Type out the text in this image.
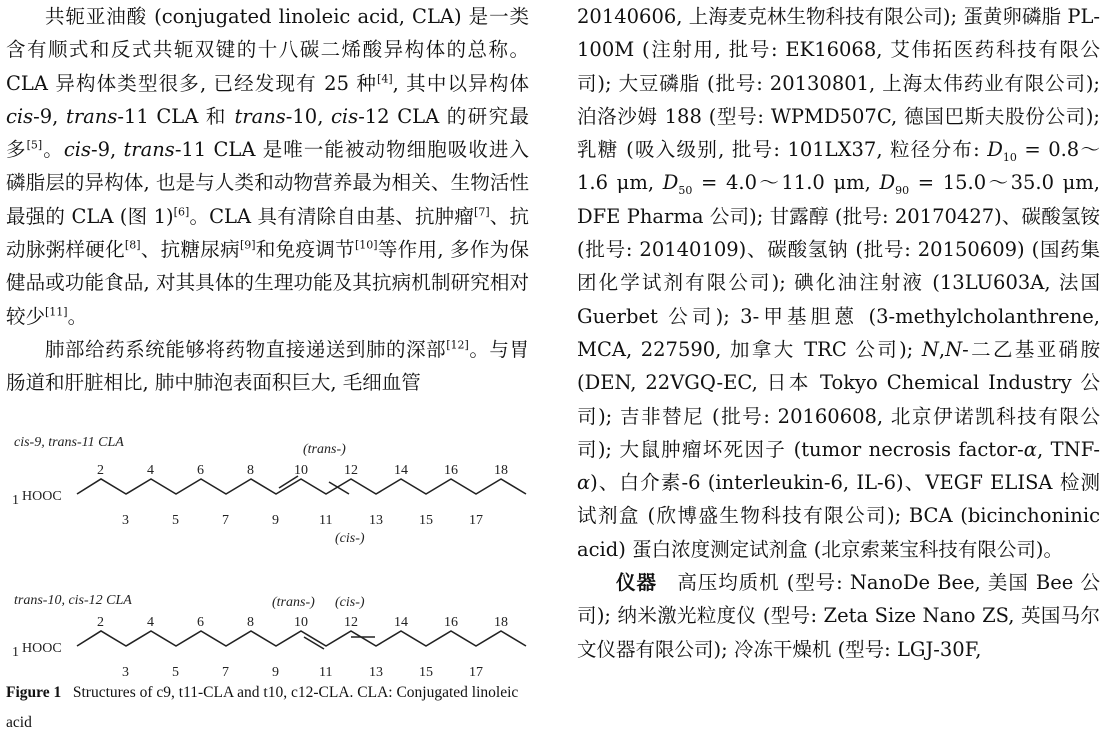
共轭亚油酸 (conjugated linoleic acid, CLA) 是一类含有顺式和反式共轭双键的十八碳二烯酸异构体的总称。CLA 异构体类型很多, 已经发现有 25 种[4], 其中以异构体 cis-9, trans-11 CLA 和 trans-10, cis-12 CLA 的研究最多[5]。cis-9, trans-11 CLA 是唯一能被动物细胞吸收进入磷脂层的异构体, 也是与人类和动物营养最为相关、生物活性最强的 CLA (图 1)[6]。CLA 具有清除自由基、抗肿瘤[7]、抗动脉粥样硬化[8]、抗糖尿病[9]和免疫调节[10]等作用, 多作为保健品或功能食品, 对其具体的生理功能及其抗病机制研究相对较少[11]。

肺部给药系统能够将药物直接递送到肺的深部[12]。与胃肠道和肝脏相比, 肺中肺泡表面积巨大, 毛细血管

cis-9, trans-11 CLA
1 HOOC
(trans-)
(cis-)
2
3
4
5
6
7
8
9
10
11
12
13
14
15
16
17
18
trans-10, cis-12 CLA	(trans-) (cis-)
1 HOOC
2
3
4
5
6
7
8
9
10
11
12
13
14
15
16
17
18
Figure 1 Structures of c9, t11-CLA and t10, c12-CLA. CLA: Conjugated linoleic acid

20140606, 上海麦克林生物科技有限公司); 蛋黄卵磷脂 PL-100M (注射用, 批号: EK16068, 艾伟拓医药科技有限公司); 大豆磷脂 (批号: 20130801, 上海太伟药业有限公司); 泊洛沙姆 188 (型号: WPMD507C, 德国巴斯夫股份公司); 乳糖 (吸入级别, 批号: 101LX37, 粒径分布: $D_{10}$ = 0.8～1.6 μm, $D_{50}$ = 4.0～11.0 μm, $D_{90}$ = 15.0～35.0 μm, DFE Pharma 公司); 甘露醇 (批号: 20170427)、碳酸氢铵 (批号: 20140109)、碳酸氢钠 (批号: 20150609) (国药集团化学试剂有限公司); 碘化油注射液 (13LU603A, 法国 Guerbet 公司); 3-甲基胆蒽 (3-methylcholanthrene, MCA, 227590, 加拿大 TRC 公司); N,N-二乙基亚硝胺 (DEN, 22VGQ-EC, 日本 Tokyo Chemical Industry 公司); 吉非替尼 (批号: 20160608, 北京伊诺凯科技有限公司); 大鼠肿瘤坏死因子 (tumor necrosis factor-α, TNF-α)、白介素-6 (interleukin-6, IL-6)、VEGF ELISA 检测试剂盒 (欣博盛生物科技有限公司); BCA (bicinchoninic acid) 蛋白浓度测定试剂盒 (北京索莱宝科技有限公司)。

仪器　高压均质机 (型号: NanoDe Bee, 美国 Bee 公司); 纳米激光粒度仪 (型号: Zeta Size Nano ZS, 英国马尔文仪器有限公司); 冷冻干燥机 (型号: LGJ-30F,
